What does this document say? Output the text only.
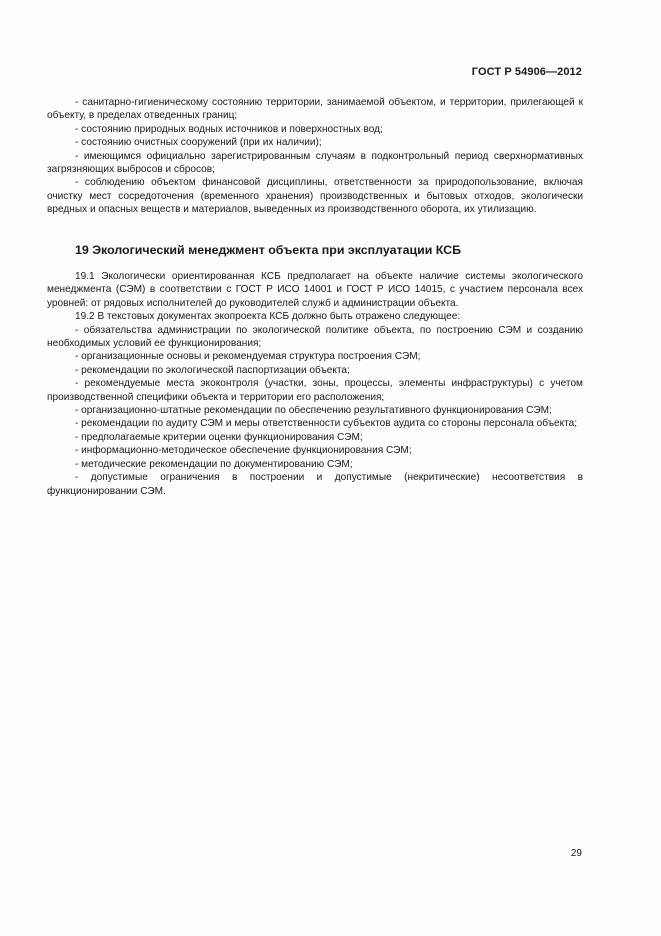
ГОСТ Р 54906—2012

- санитарно-гигиеническому состоянию территории, занимаемой объектом, и территории, прилегающей к объекту, в пределах отведенных границ;

- состоянию природных водных источников и поверхностных вод;

- состоянию очистных сооружений (при их наличии);

- имеющимся официально зарегистрированным случаям в подконтрольный период сверхнормативных загрязняющих выбросов и сбросов;

- соблюдению объектом финансовой дисциплины, ответственности за природопользование, включая очистку мест сосредоточения (временного хранения) производственных и бытовых отходов, экологически вредных и опасных веществ и материалов, выведенных из производственного оборота, их утилизацию.

19 Экологический менеджмент объекта при эксплуатации КСБ

19.1 Экологически ориентированная КСБ предполагает на объекте наличие системы экологического менеджмента (СЭМ) в соответствии с ГОСТ Р ИСО 14001 и ГОСТ Р ИСО 14015, с участием персонала всех уровней: от рядовых исполнителей до руководителей служб и администрации объекта.

19.2 В текстовых документах экопроекта КСБ должно быть отражено следующее:

- обязательства администрации по экологической политике объекта, по построению СЭМ и созданию необходимых условий ее функционирования;

- организационные основы и рекомендуемая структура построения СЭМ;

- рекомендации по экологической паспортизации объекта;

- рекомендуемые места экоконтроля (участки, зоны, процессы, элементы инфраструктуры) с учетом производственной специфики объекта и территории его расположения;

- организационно-штатные рекомендации по обеспечению результативного функционирования СЭМ;

- рекомендации по аудиту СЭМ и меры ответственности субъектов аудита со стороны персонала объекта;

- предполагаемые критерии оценки функционирования СЭМ;

- информационно-методическое обеспечение функционирования СЭМ;

- методические рекомендации по документированию СЭМ;

- допустимые ограничения в построении и допустимые (некритические) несоответствия в функционировании СЭМ.

29
